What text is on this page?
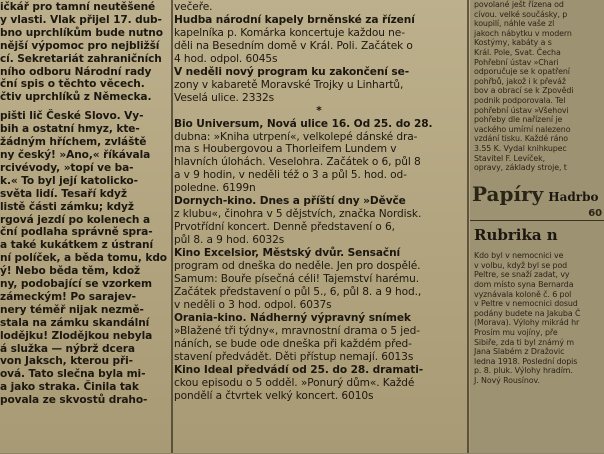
ičkář pro tamní neutěšené
y vlasti. Vlak přijel 17. dub-
bno uprchlíkům bude nutno
nější výpomoc pro nejbližší
cí. Sekretariát zahraničních
ního odboru Národní rady
ční spis o těchto věcech.
čtiv uprchlíků z Německa.

pišti lič České Slovo. Vy-
bih a ostatní hmyz, kte-
žádným hříchem, zvláště
ny český! »Ano,« říkávala
rcivévody, »topí ve ba-
k.« To byl její katolicko-
světa lidí. Tesaří když
listě části zámku; když
rgová jezdí po kolenech a
ční podlaha správně spra-
a také kukátkem z ústraní
ní políček, a běda tomu, kdo
ý! Nebo běda těm, kdož
ny, podobající se vzorkem
zámeckým! Po sarajev-
nery téměř nijak nezmě-
stala na zámku skandální
lodějku! Zlodějkou nebyla
á služka — nýbrž dcera
von Jaksch, kterou při-
ová. Tato slečna byla mi-
a jako straka. Činila tak
povala ze skvostů draho-
večeře.
Hudba národní kapely brněnské za řízení
kapelníka p. Komárka koncertuje každou ne-
děli na Besedním domě v Král. Poli. Začátek o
4 hod. odpol. 6045s
V neděli nový program ku zakončení se-
zony v kabaretě Moravské Trojky u Linhartů,
Veselá ulice. 2332s
*
Bio Universum, Nová ulice 16. Od 25. do 28.
dubna: »Kniha utrpení«, velkolepé dánské dra-
ma s Houbergovou a Thorleifem Lundem v
hlavních úlohách. Veselohra. Začátek o 6, půl 8
a v 9 hodin, v neděli též o 3 a půl 5. hod. od-
poledne. 6199n
Dornych-kino. Dnes a příští dny »Děvče
z klubu«, činohra v 5 dějstvích, značka Nordisk.
Prvotřídní koncert. Denně představení o 6,
půl 8. a 9 hod. 6032s
Kino Excelsior, Městský dvůr. Sensační
program od dneška do neděle. Jen pro dospělé.
Samum: Bouře písečná céli! Tajemství harému.
Začátek představení o půl 5., 6, půl 8. a 9 hod.,
v neděli o 3 hod. odpol. 6037s
Orania-kino. Nádherný výpravný snímek
»Blažené tři týdny«, mravnostní drama o 5 jed-
náních, se bude ode dneška při každém před-
stavení předvádět. Děti přístup nemají. 6013s
Kino Ideal předvádí od 25. do 28. dramati-
ckou episodu o 5 odděl. »Ponurý dům«. Každé
pondělí a čtvrtek velký koncert. 6010s
povolané ješt řízena od
cívou. velké součásky, p
koupilí, náhle vaše zl
jakoch nábytku v modern
Kostýmy, kabáty a s
Král. Pole, Svat. Čecha
Pohřební ústav »Chari
odporučuje se k opatření
pohřbů, jakož i k převáž
bov a obrací se k Zpovědi
podnik podporovala. Tel
pohřební ústav »Všehovi
pohřeby dle nařízení je
vackého umírní nalezeno
vzdání tisku. Každé ráno
3.55 K. Vydal knihkupec
Stavitel F. Levíček,
opravy, základy stroje, t
Papíry Hadrbo
60
Rubrika n
Kdo byl v nemocnici ve
v volbu, když byl se pod
Peltre, se snaží zadat, vy
dom místo syna Bernarda
vyznávala koloně č. 6 pol
v Peltre v nemocnici dosud
podány budete na Jakuba Č
(Morava). Výlohy mikrád hr
Prosím mu vojíny, pře
Sibiře, zda ti byl známý m
Jana Slabém z Dražovic
ledna 1918. Poslední dopis
p. 8. pluk. Výlohy hradím.
J. Nový Rousínov.
